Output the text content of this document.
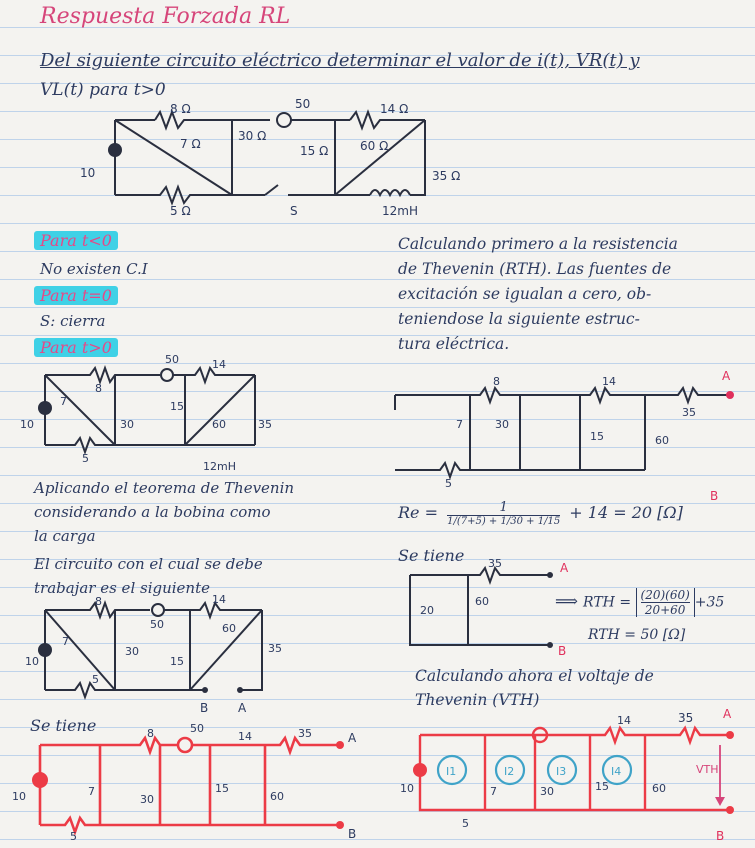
Respuesta Forzada RL
Del siguiente circuito eléctrico determinar el valor de i(t), VR(t) y
VL(t) para t>0
8 Ω	50	14 Ω
30 Ω
7 Ω	15 Ω	60 Ω
35 Ω
10
5 Ω	S	12mH
Para t<0
No existen C.I
Para t=0
S: cierra
Para t>0
50	14
8
7
30
15
60	35
10
5
12mH
Aplicando el teorema de Thevenin
considerando a la bobina como
la carga
El circuito con el cual se debe
trabajar es el siguiente
8
50
14
7
30
15
60
35
10
5
B A
Se tiene	8	50
14	35	A
7
30
15
60
10
5	B
Calculando primero a la resistencia
de Thevenin (RTH). Las fuentes de
excitación se igualan a cero, ob-
teniendose la siguiente estruc-
tura eléctrica.
8	14	A
35
7	30
15	60
5
B
Re =	1
1/(7+5) + 1/30 + 1/15 + 14 = 20 [Ω]
Se tiene 35	A
20
60
B
⟹ RTH = $\frac{(20)(60)}{20+60} +35$
RTH = 50 [Ω]
Calculando ahora el voltaje de
Thevenin (VTH)
14	35 A
10
I1	I2	I3	I4
7	30	15	60
VTH
5
B
